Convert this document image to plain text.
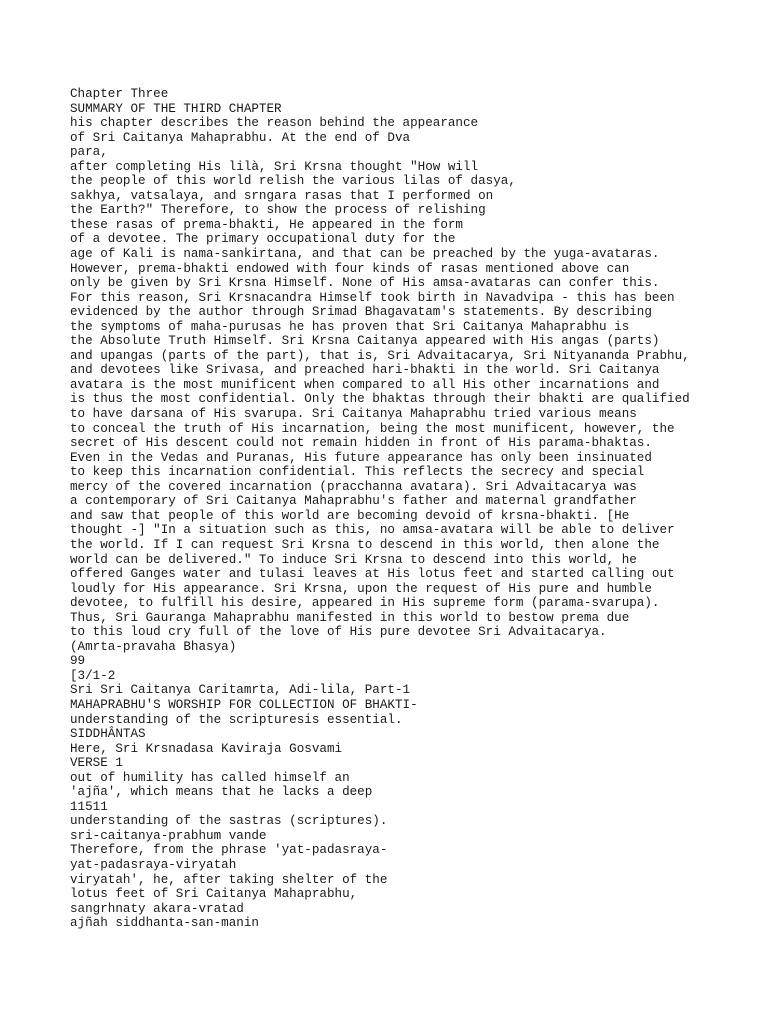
Chapter Three
SUMMARY OF THE THIRD CHAPTER
his chapter describes the reason behind the appearance
of Sri Caitanya Mahaprabhu. At the end of Dva
para,
after completing His lilà, Sri Krsna thought "How will
the people of this world relish the various lilas of dasya,
sakhya, vatsalaya, and srngara rasas that I performed on
the Earth?" Therefore, to show the process of relishing
these rasas of prema-bhakti, He appeared in the form
of a devotee. The primary occupational duty for the
age of Kali is nama-sankirtana, and that can be preached by the yuga-avataras.
However, prema-bhakti endowed with four kinds of rasas mentioned above can
only be given by Sri Krsna Himself. None of His amsa-avataras can confer this.
For this reason, Sri Krsnacandra Himself took birth in Navadvipa - this has been
evidenced by the author through Srimad Bhagavatam's statements. By describing
the symptoms of maha-purusas he has proven that Sri Caitanya Mahaprabhu is
the Absolute Truth Himself. Sri Krsna Caitanya appeared with His angas (parts)
and upangas (parts of the part), that is, Sri Advaitacarya, Sri Nityananda Prabhu,
and devotees like Srivasa, and preached hari-bhakti in the world. Sri Caitanya
avatara is the most munificent when compared to all His other incarnations and
is thus the most confidential. Only the bhaktas through their bhakti are qualified
to have darsana of His svarupa. Sri Caitanya Mahaprabhu tried various means
to conceal the truth of His incarnation, being the most munificent, however, the
secret of His descent could not remain hidden in front of His parama-bhaktas.
Even in the Vedas and Puranas, His future appearance has only been insinuated
to keep this incarnation confidential. This reflects the secrecy and special
mercy of the covered incarnation (pracchanna avatara). Sri Advaitacarya was
a contemporary of Sri Caitanya Mahaprabhu's father and maternal grandfather
and saw that people of this world are becoming devoid of krsna-bhakti. [He
thought -] "In a situation such as this, no amsa-avatara will be able to deliver
the world. If I can request Sri Krsna to descend in this world, then alone the
world can be delivered." To induce Sri Krsna to descend into this world, he
offered Ganges water and tulasi leaves at His lotus feet and started calling out
loudly for His appearance. Sri Krsna, upon the request of His pure and humble
devotee, to fulfill his desire, appeared in His supreme form (parama-svarupa).
Thus, Sri Gauranga Mahaprabhu manifested in this world to bestow prema due
to this loud cry full of the love of His pure devotee Sri Advaitacarya.
(Amrta-pravaha Bhasya)
99
[3/1-2
Sri Sri Caitanya Caritamrta, Adi-lila, Part-1
MAHAPRABHU'S WORSHIP FOR COLLECTION OF BHAKTI-
understanding of the scripturesis essential.
SIDDHÂNTAS
Here, Sri Krsnadasa Kaviraja Gosvami
VERSE 1
out of humility has called himself an
'ajña', which means that he lacks a deep
11511
understanding of the sastras (scriptures).
sri-caitanya-prabhum vande
Therefore, from the phrase 'yat-padasraya-
yat-padasraya-viryatah
viryatah', he, after taking shelter of the
lotus feet of Sri Caitanya Mahaprabhu,
sangrhnaty akara-vratad
ajñah siddhanta-san-manin
